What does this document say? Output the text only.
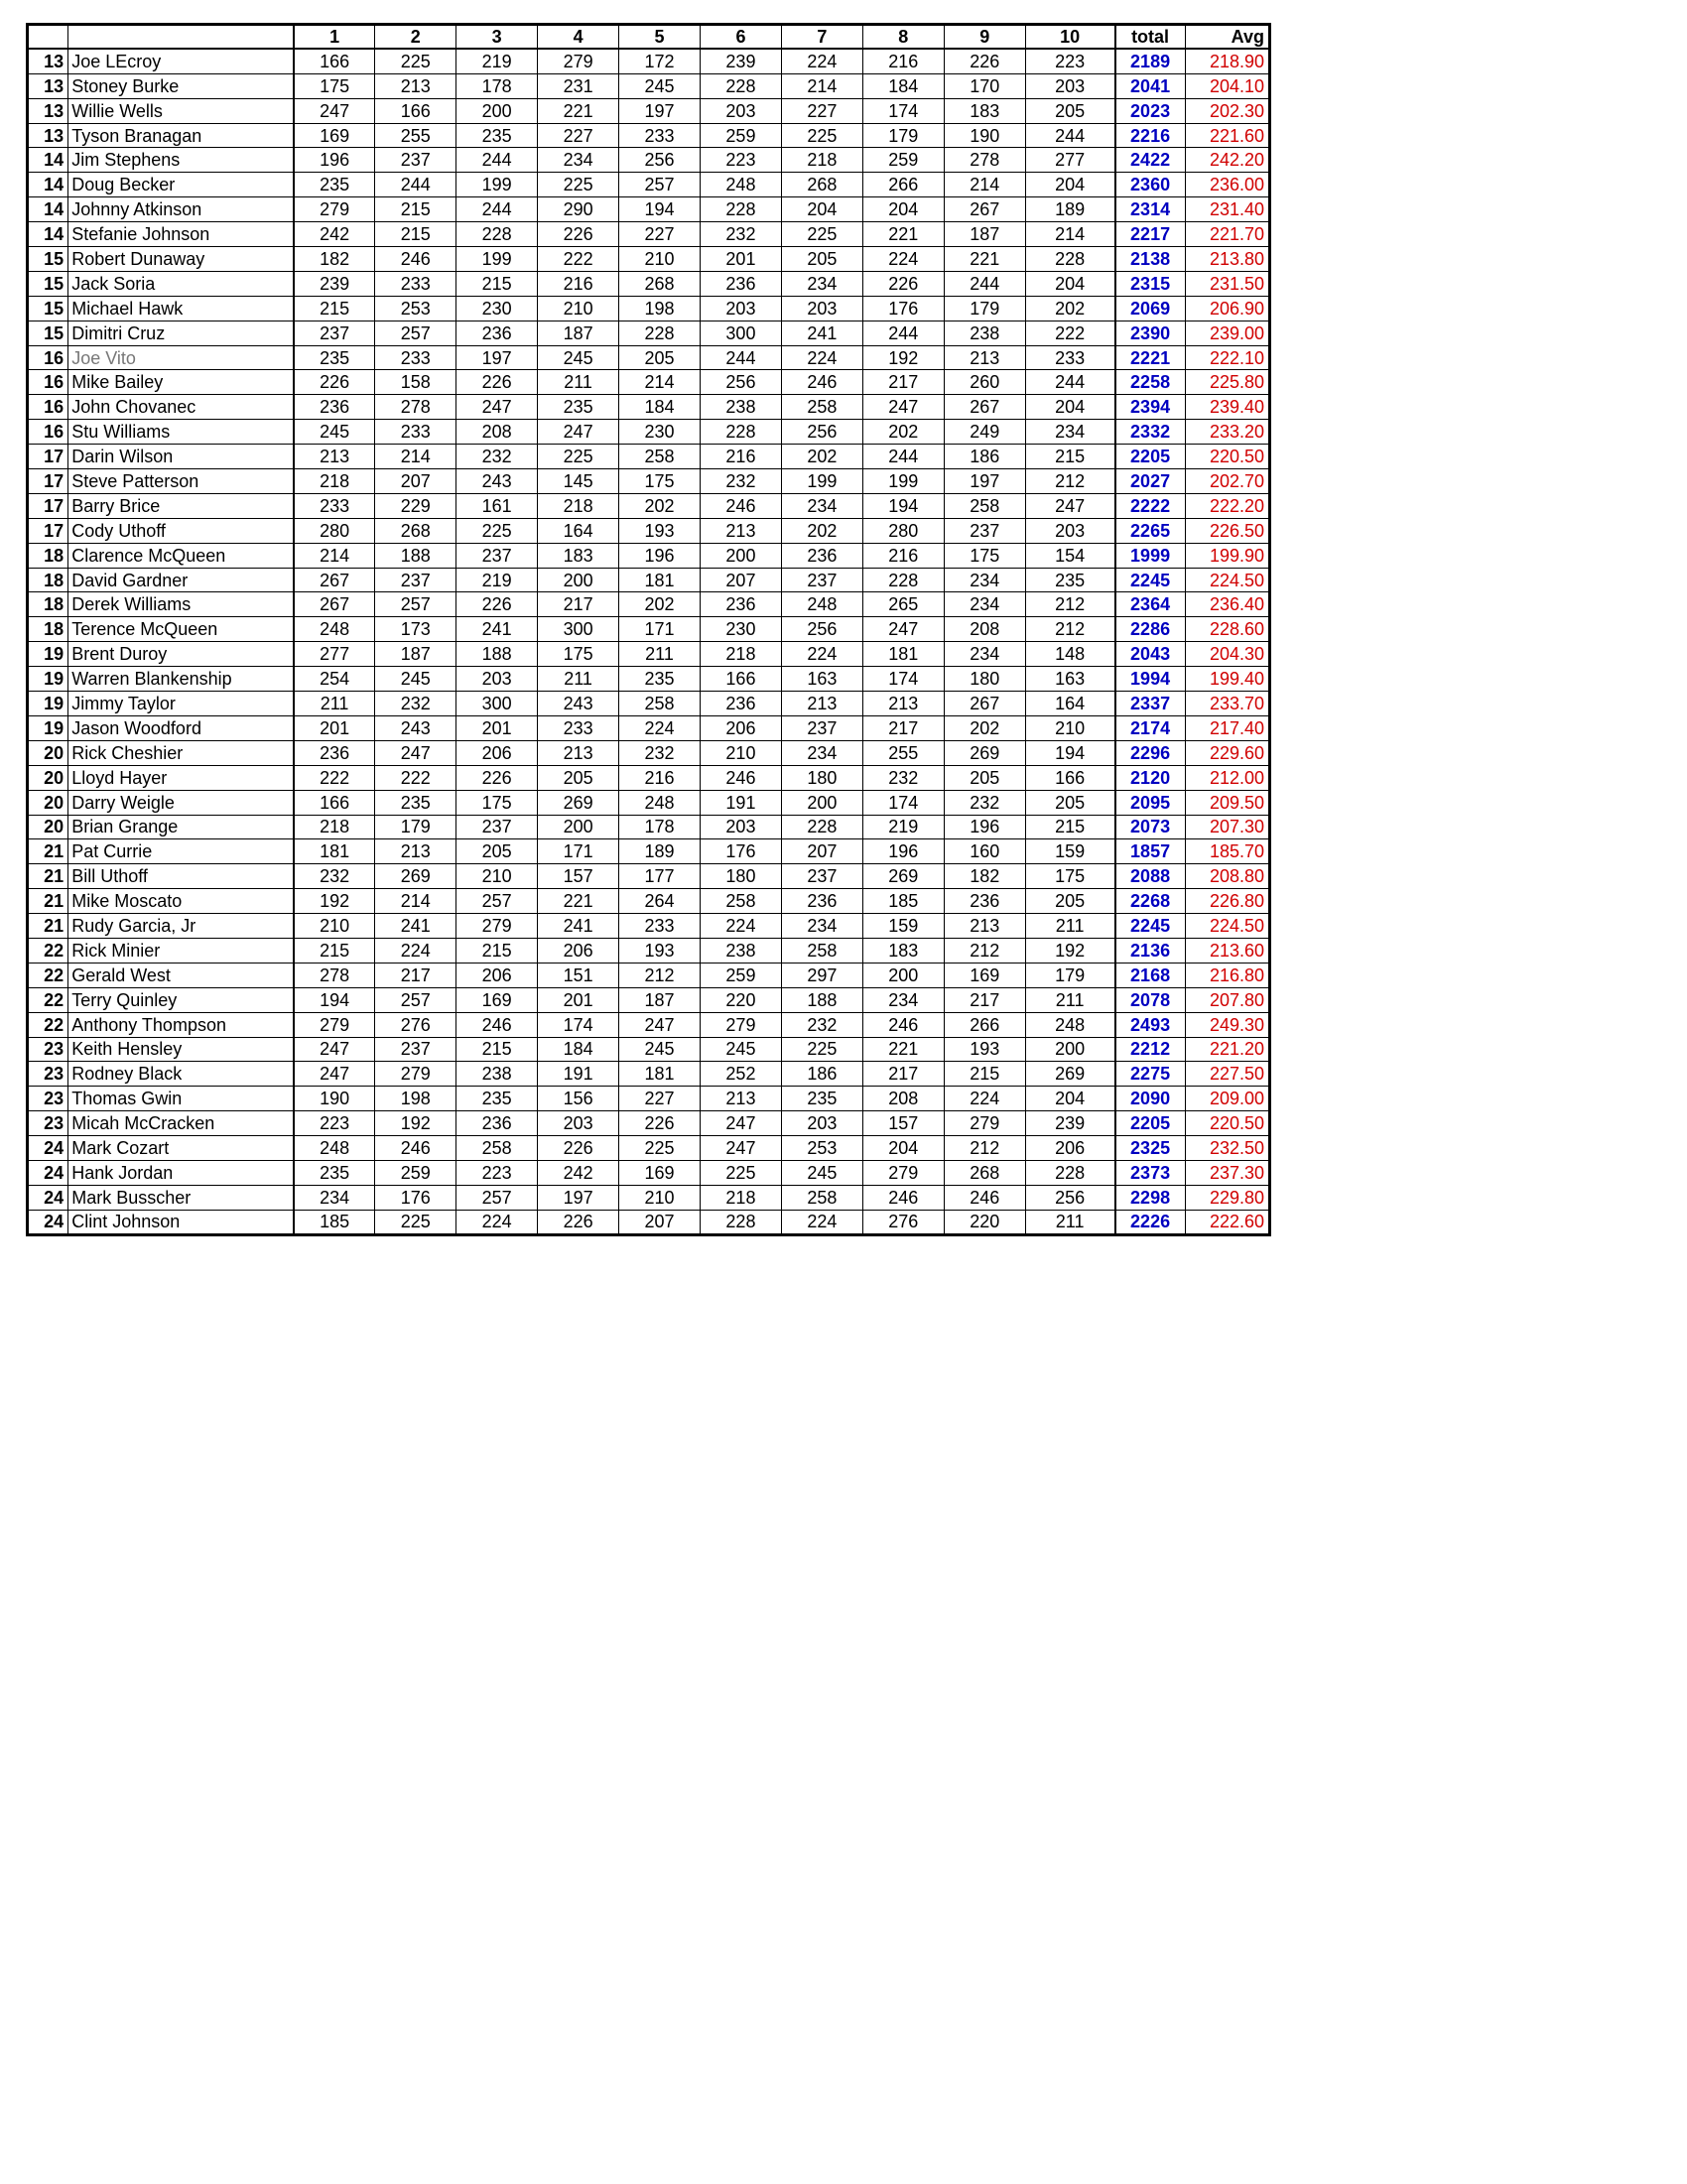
		1	2	3	4	5	6	7	8	9	10	total	Avg
13	Joe LEcroy	166	225	219	279	172	239	224	216	226	223	2189	218.90
13	Stoney Burke	175	213	178	231	245	228	214	184	170	203	2041	204.10
13	Willie Wells	247	166	200	221	197	203	227	174	183	205	2023	202.30
13	Tyson Branagan	169	255	235	227	233	259	225	179	190	244	2216	221.60
14	Jim Stephens	196	237	244	234	256	223	218	259	278	277	2422	242.20
14	Doug Becker	235	244	199	225	257	248	268	266	214	204	2360	236.00
14	Johnny Atkinson	279	215	244	290	194	228	204	204	267	189	2314	231.40
14	Stefanie Johnson	242	215	228	226	227	232	225	221	187	214	2217	221.70
15	Robert Dunaway	182	246	199	222	210	201	205	224	221	228	2138	213.80
15	Jack Soria	239	233	215	216	268	236	234	226	244	204	2315	231.50
15	Michael Hawk	215	253	230	210	198	203	203	176	179	202	2069	206.90
15	Dimitri Cruz	237	257	236	187	228	300	241	244	238	222	2390	239.00
16	Joe Vito	235	233	197	245	205	244	224	192	213	233	2221	222.10
16	Mike Bailey	226	158	226	211	214	256	246	217	260	244	2258	225.80
16	John Chovanec	236	278	247	235	184	238	258	247	267	204	2394	239.40
16	Stu Williams	245	233	208	247	230	228	256	202	249	234	2332	233.20
17	Darin Wilson	213	214	232	225	258	216	202	244	186	215	2205	220.50
17	Steve Patterson	218	207	243	145	175	232	199	199	197	212	2027	202.70
17	Barry Brice	233	229	161	218	202	246	234	194	258	247	2222	222.20
17	Cody Uthoff	280	268	225	164	193	213	202	280	237	203	2265	226.50
18	Clarence McQueen	214	188	237	183	196	200	236	216	175	154	1999	199.90
18	David Gardner	267	237	219	200	181	207	237	228	234	235	2245	224.50
18	Derek Williams	267	257	226	217	202	236	248	265	234	212	2364	236.40
18	Terence McQueen	248	173	241	300	171	230	256	247	208	212	2286	228.60
19	Brent Duroy	277	187	188	175	211	218	224	181	234	148	2043	204.30
19	Warren Blankenship	254	245	203	211	235	166	163	174	180	163	1994	199.40
19	Jimmy Taylor	211	232	300	243	258	236	213	213	267	164	2337	233.70
19	Jason Woodford	201	243	201	233	224	206	237	217	202	210	2174	217.40
20	Rick Cheshier	236	247	206	213	232	210	234	255	269	194	2296	229.60
20	Lloyd Hayer	222	222	226	205	216	246	180	232	205	166	2120	212.00
20	Darry Weigle	166	235	175	269	248	191	200	174	232	205	2095	209.50
20	Brian Grange	218	179	237	200	178	203	228	219	196	215	2073	207.30
21	Pat Currie	181	213	205	171	189	176	207	196	160	159	1857	185.70
21	Bill Uthoff	232	269	210	157	177	180	237	269	182	175	2088	208.80
21	Mike Moscato	192	214	257	221	264	258	236	185	236	205	2268	226.80
21	Rudy Garcia, Jr	210	241	279	241	233	224	234	159	213	211	2245	224.50
22	Rick Minier	215	224	215	206	193	238	258	183	212	192	2136	213.60
22	Gerald West	278	217	206	151	212	259	297	200	169	179	2168	216.80
22	Terry Quinley	194	257	169	201	187	220	188	234	217	211	2078	207.80
22	Anthony Thompson	279	276	246	174	247	279	232	246	266	248	2493	249.30
23	Keith Hensley	247	237	215	184	245	245	225	221	193	200	2212	221.20
23	Rodney Black	247	279	238	191	181	252	186	217	215	269	2275	227.50
23	Thomas Gwin	190	198	235	156	227	213	235	208	224	204	2090	209.00
23	Micah McCracken	223	192	236	203	226	247	203	157	279	239	2205	220.50
24	Mark Cozart	248	246	258	226	225	247	253	204	212	206	2325	232.50
24	Hank Jordan	235	259	223	242	169	225	245	279	268	228	2373	237.30
24	Mark Busscher	234	176	257	197	210	218	258	246	246	256	2298	229.80
24	Clint Johnson	185	225	224	226	207	228	224	276	220	211	2226	222.60
